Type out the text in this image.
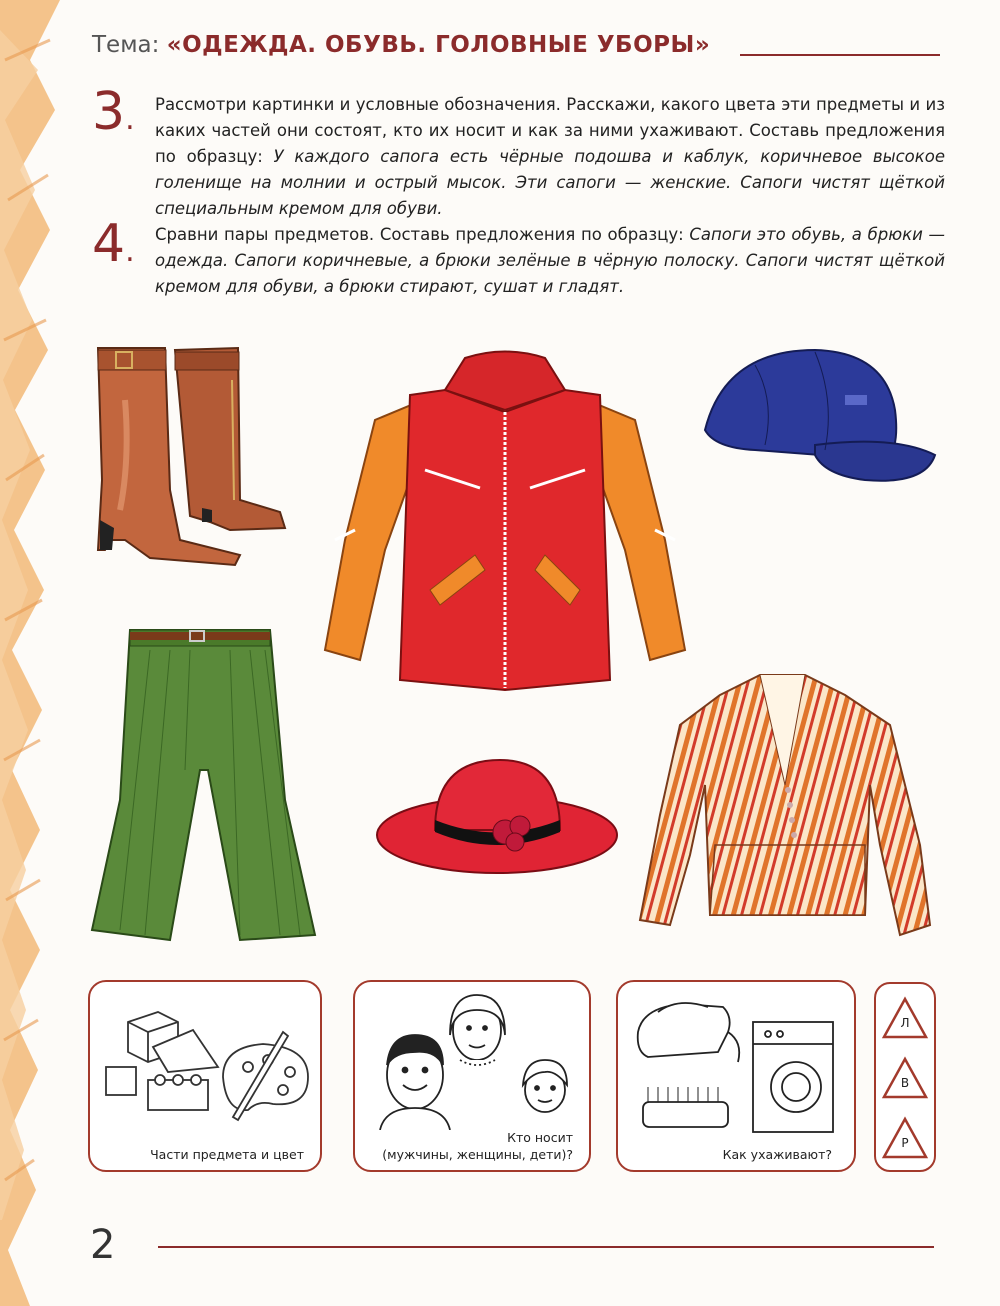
Тема: «ОДЕЖДА. ОБУВЬ. ГОЛОВНЫЕ УБОРЫ»
3. Рассмотри картинки и условные обозначения. Расскажи, какого цвета эти предметы и из каких частей они состоят, кто их носит и как за ними ухаживают. Составь предложения по образцу: У каждого сапога есть чёрные подошва и каблук, коричневое высокое голенище на молнии и острый мысок. Эти сапоги — женские. Сапоги чистят щёткой специальным кремом для обуви.
4. Сравни пары предметов. Составь предложения по образцу: Сапоги это обувь, а брюки — одежда. Сапоги коричневые, а брюки зелёные в чёрную полоску. Сапоги чистят щёткой кремом для обуви, а брюки стирают, сушат и гладят.
Части предмета и цвет
Кто носит
(мужчины, женщины, дети)?	Как ухаживают?
Л
В
Р
2
